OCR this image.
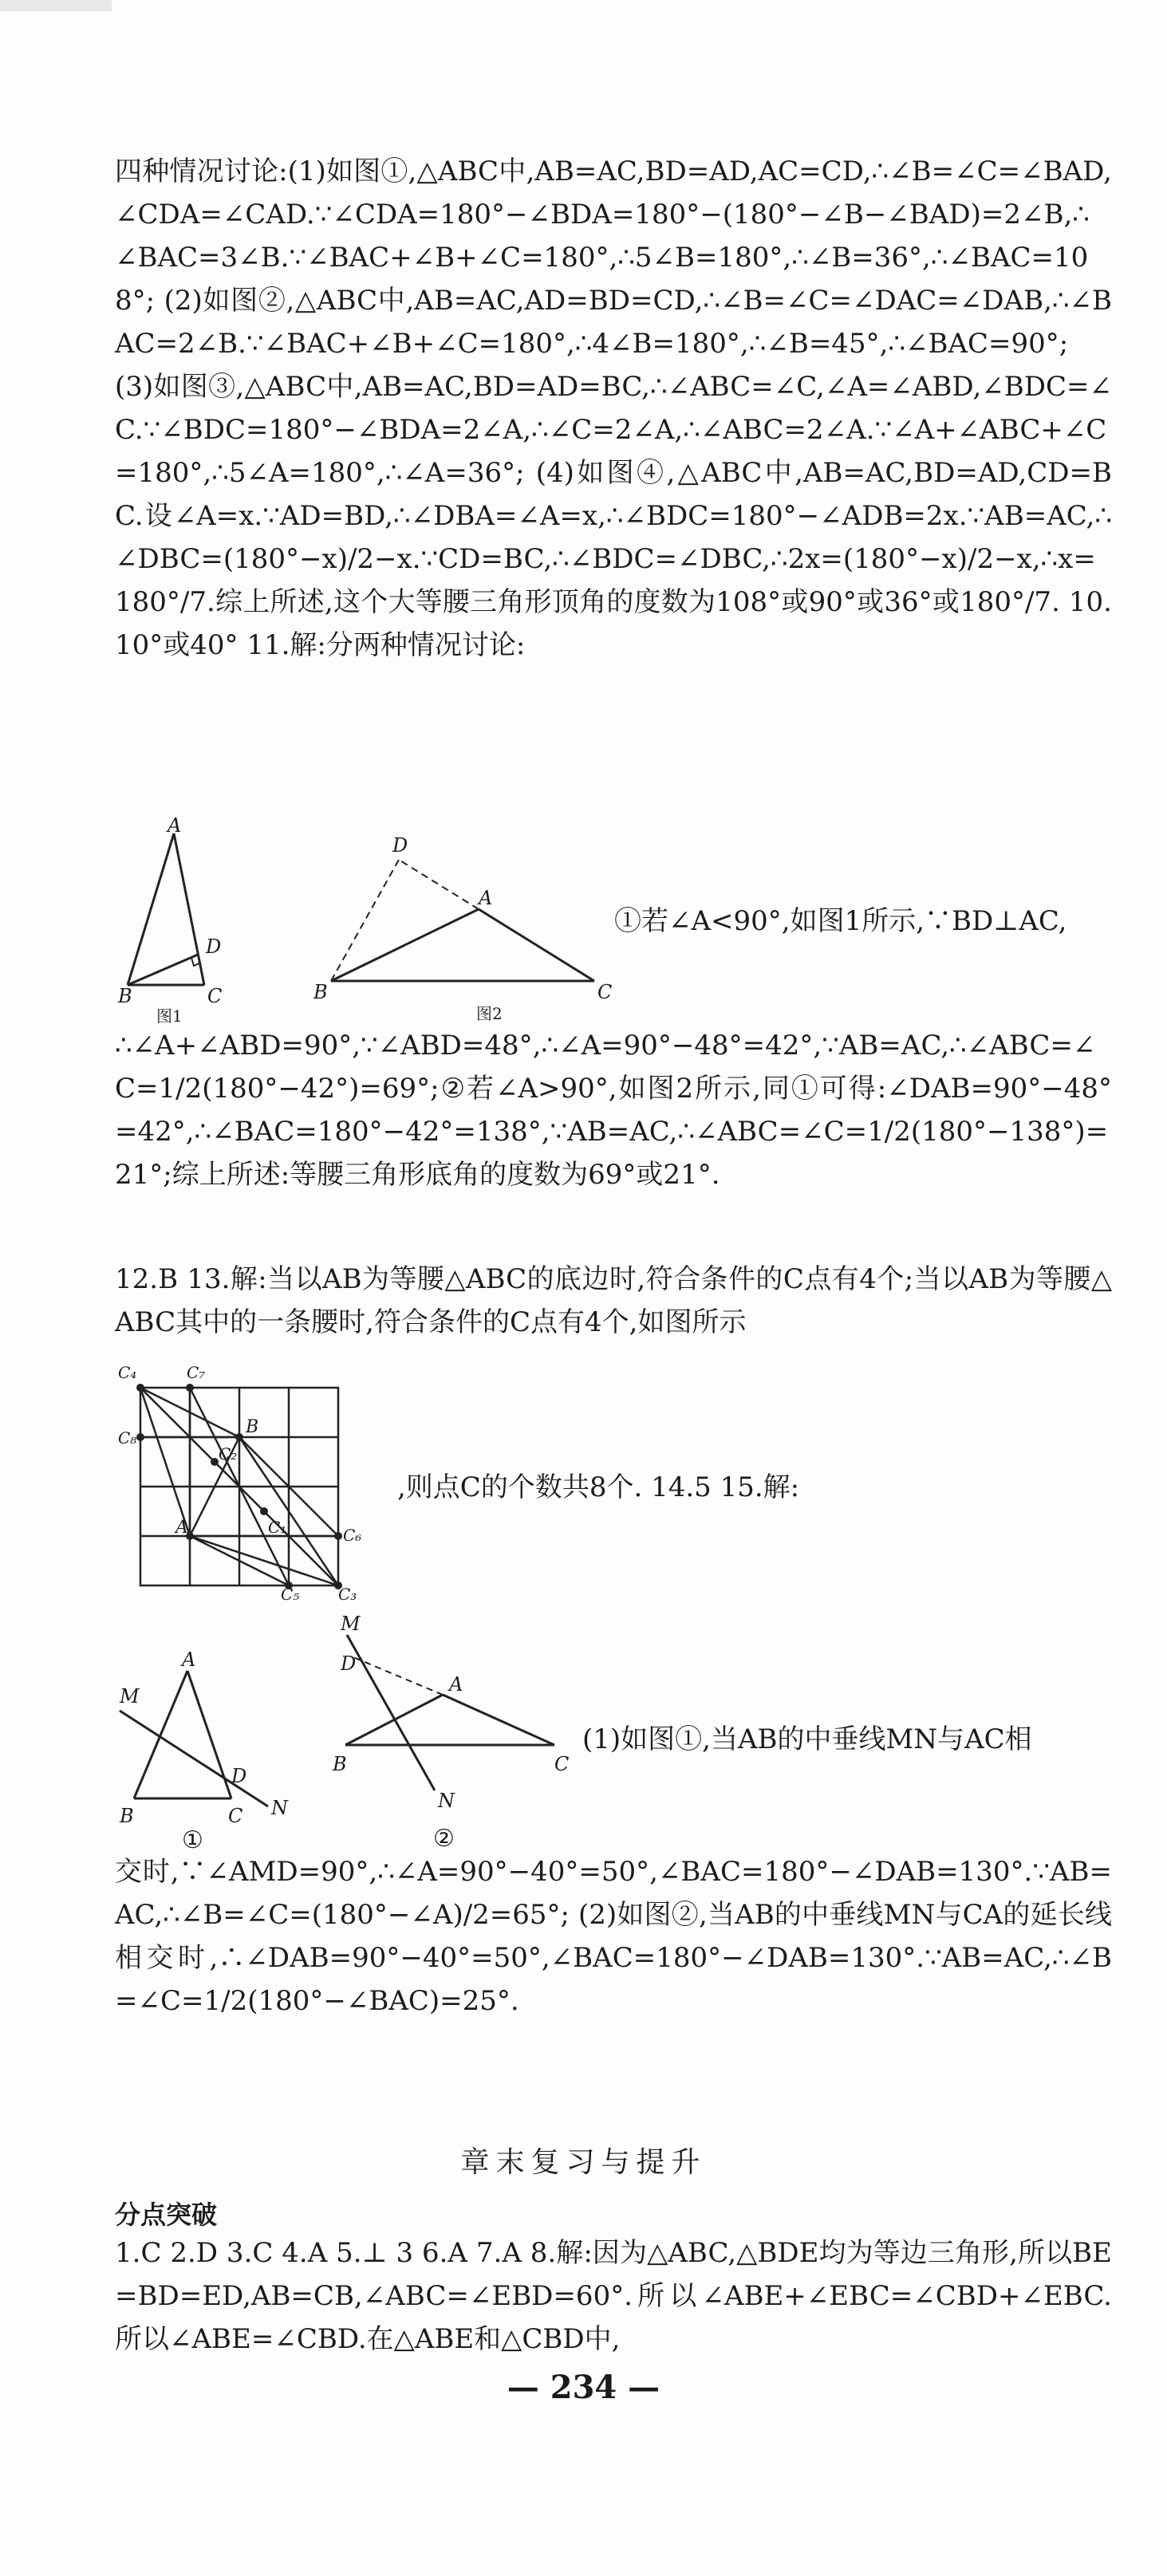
四种情况讨论:(1)如图①,△ABC中,AB=AC,BD=AD,AC=CD,∴∠B=∠C=∠BAD,∠CDA=∠CAD.∵∠CDA=180°−∠BDA=180°−(180°−∠B−∠BAD)=2∠B,∴∠BAC=3∠B.∵∠BAC+∠B+∠C=180°,∴5∠B=180°,∴∠B=36°,∴∠BAC=108°; (2)如图②,△ABC中,AB=AC,AD=BD=CD,∴∠B=∠C=∠DAC=∠DAB,∴∠BAC=2∠B.∵∠BAC+∠B+∠C=180°,∴4∠B=180°,∴∠B=45°,∴∠BAC=90°; (3)如图③,△ABC中,AB=AC,BD=AD=BC,∴∠ABC=∠C,∠A=∠ABD,∠BDC=∠C.∵∠BDC=180°−∠BDA=2∠A,∴∠C=2∠A,∴∠ABC=2∠A.∵∠A+∠ABC+∠C=180°,∴5∠A=180°,∴∠A=36°; (4)如图④,△ABC中,AB=AC,BD=AD,CD=BC.设∠A=x.∵AD=BD,∴∠DBA=∠A=x,∴∠BDC=180°−∠ADB=2x.∵AB=AC,∴∠DBC=(180°−x)/2−x.∵CD=BC,∴∠BDC=∠DBC,∴2x=(180°−x)/2−x,∴x=180°/7.综上所述,这个大等腰三角形顶角的度数为108°或90°或36°或180°/7. 10.10°或40° 11.解:分两种情况讨论:
A
B	C
D
图1
D
A
B	C
图2
①若∠A<90°,如图1所示,∵BD⊥AC,
∴∠A+∠ABD=90°,∵∠ABD=48°,∴∠A=90°−48°=42°,∵AB=AC,∴∠ABC=∠C=1/2(180°−42°)=69°;②若∠A>90°,如图2所示,同①可得:∠DAB=90°−48°=42°,∴∠BAC=180°−42°=138°,∵AB=AC,∴∠ABC=∠C=1/2(180°−138°)=21°;综上所述:等腰三角形底角的度数为69°或21°.
12.B 13.解:当以AB为等腰△ABC的底边时,符合条件的C点有4个;当以AB为等腰△ABC其中的一条腰时,符合条件的C点有4个,如图所示
C₄	C₇
C₈
B
C₂
A	C₁	C₆
C₅ C₃
,则点C的个数共8个. 14.5 15.解:
A
B	C
D
M
N
①
M
D
A
B	C
N
②
(1)如图①,当AB的中垂线MN与AC相
交时,∵∠AMD=90°,∴∠A=90°−40°=50°,∠BAC=180°−∠DAB=130°.∵AB=AC,∴∠B=∠C=(180°−∠A)/2=65°; (2)如图②,当AB的中垂线MN与CA的延长线相交时,∴∠DAB=90°−40°=50°,∠BAC=180°−∠DAB=130°.∵AB=AC,∴∠B=∠C=1/2(180°−∠BAC)=25°.
章末复习与提升
分点突破
1.C 2.D 3.C 4.A 5.⊥ 3 6.A 7.A 8.解:因为△ABC,△BDE均为等边三角形,所以BE=BD=ED,AB=CB,∠ABC=∠EBD=60°.所以∠ABE+∠EBC=∠CBD+∠EBC.所以∠ABE=∠CBD.在△ABE和△CBD中,
— 234 —
